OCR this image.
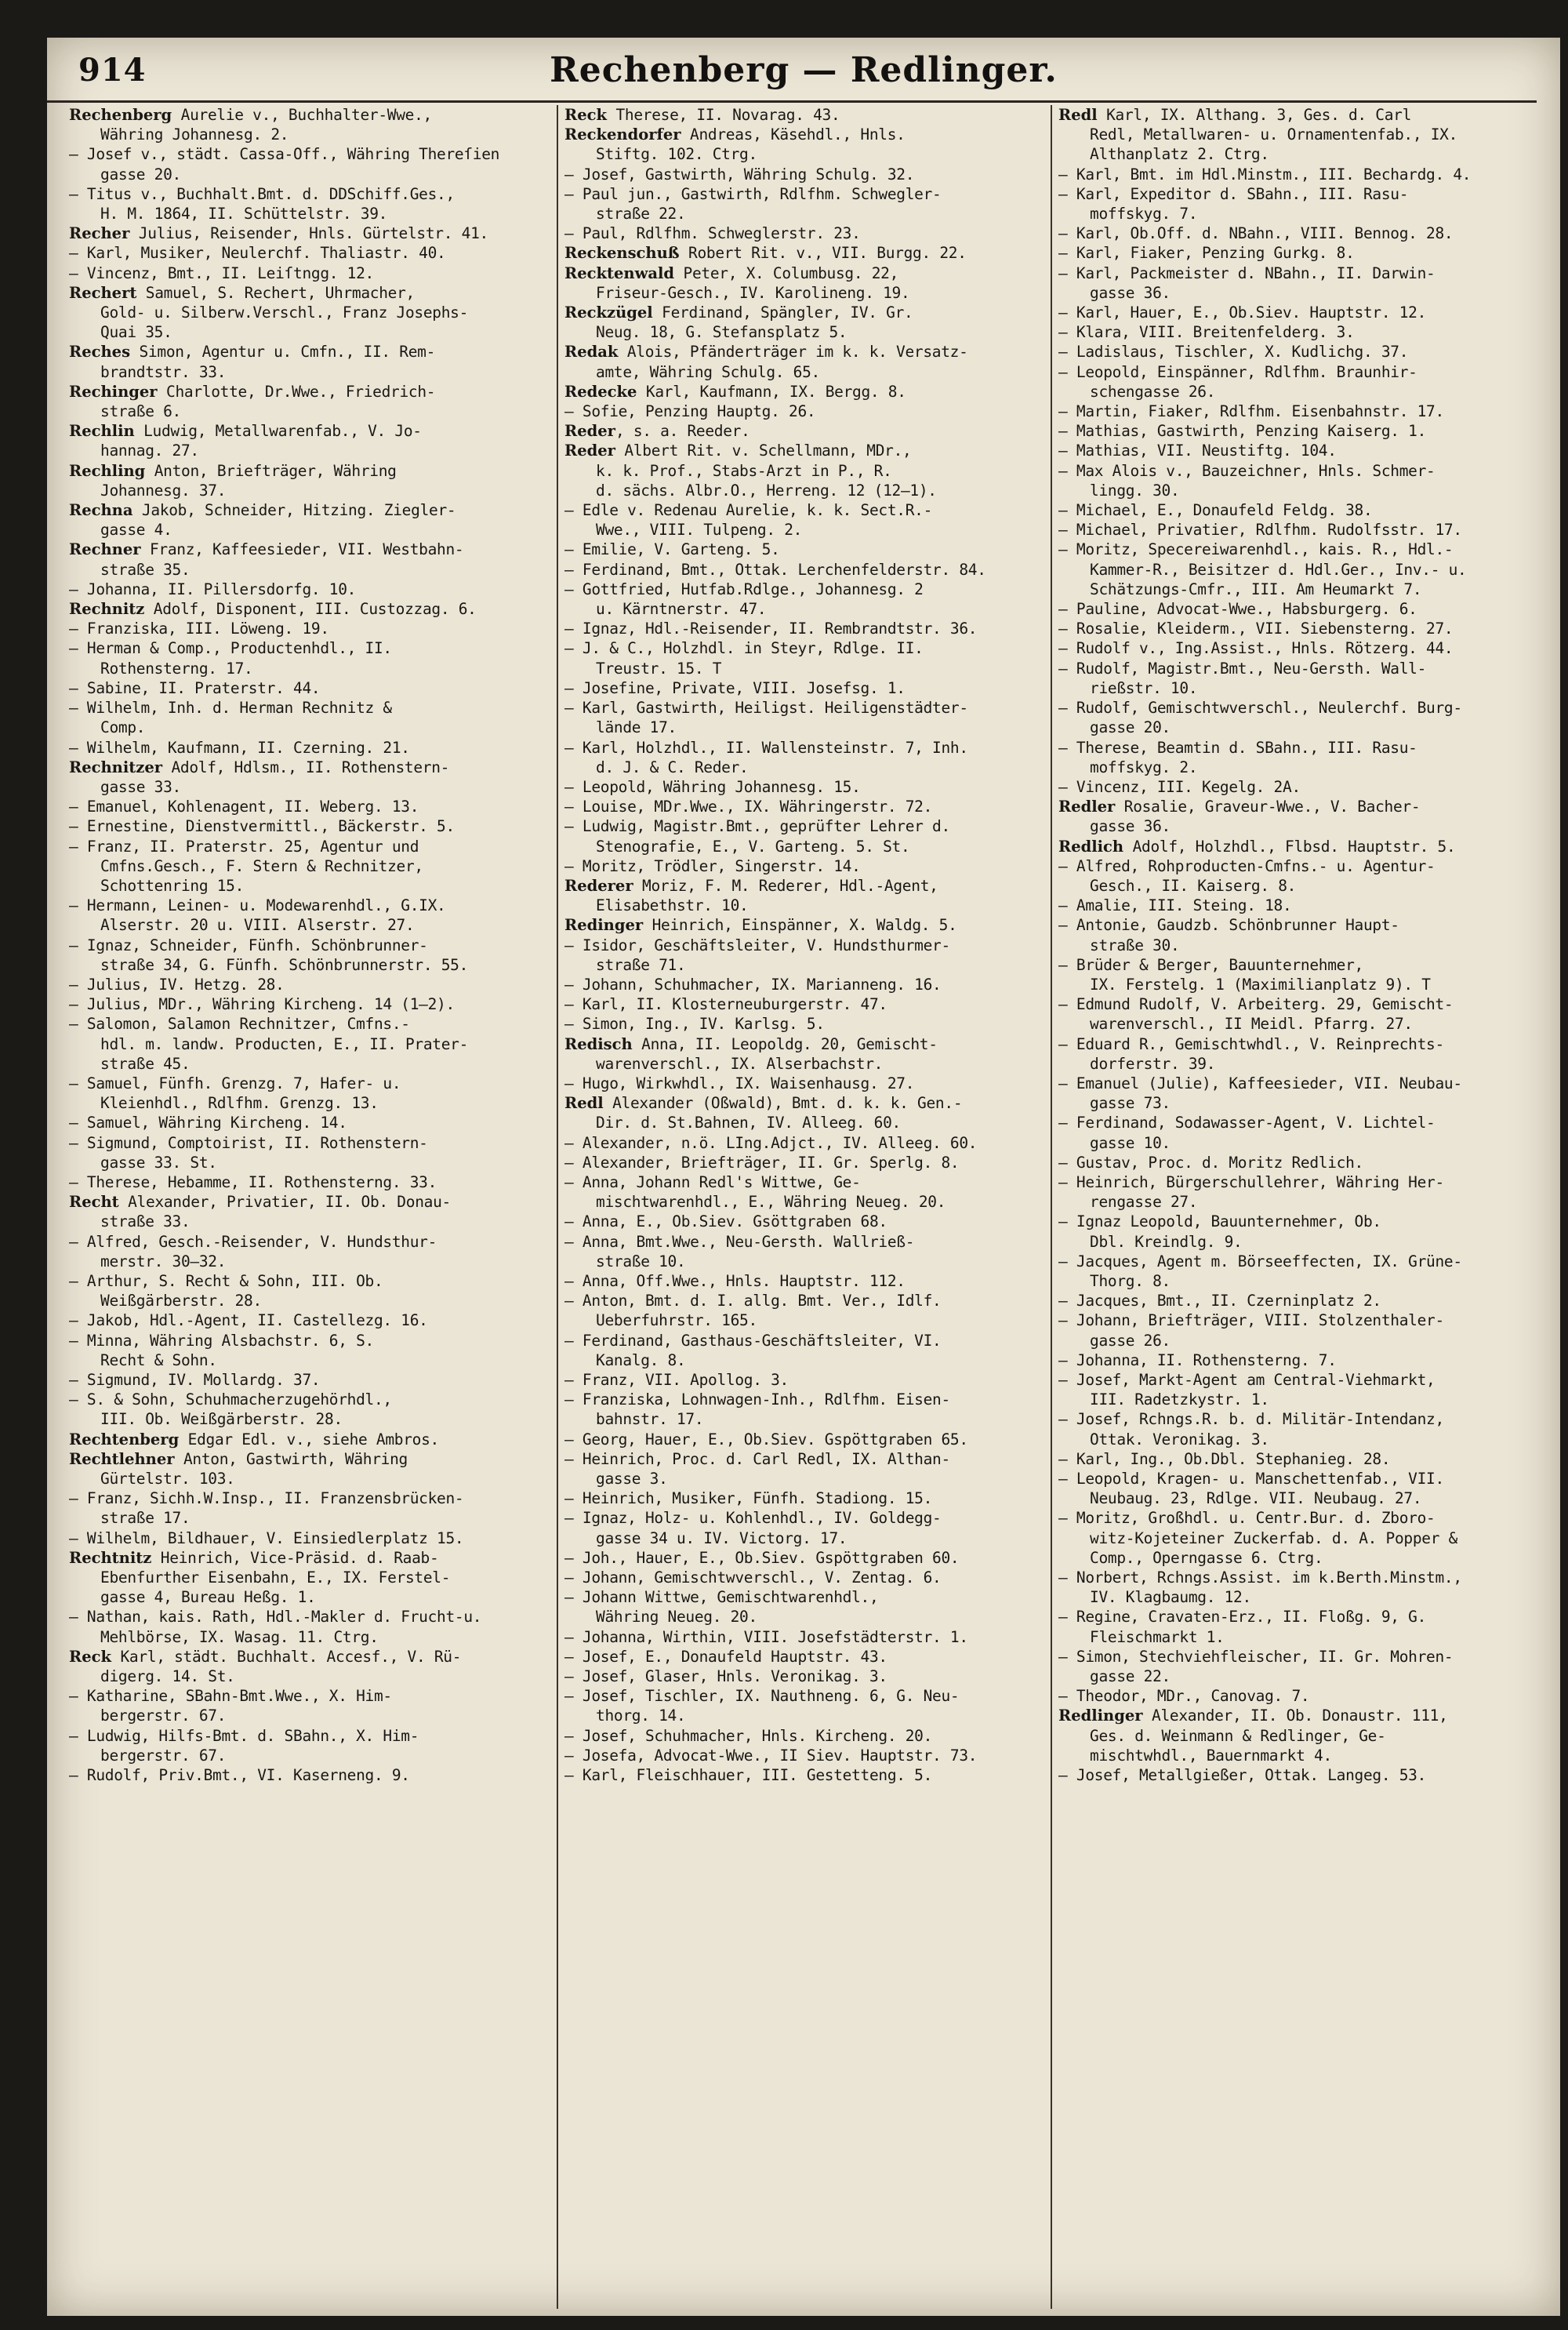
914	Rechenberg — Redlinger.
Rechenberg Aurelie v., Buchhalter-Wwe.,
Währing Johannesg. 2.
— Josef v., städt. Cassa-Off., Währing Thereſien
gasse 20.
— Titus v., Buchhalt.Bmt. d. DDSchiff.Ges.,
H. M. 1864, II. Schüttelstr. 39.
Recher Julius, Reisender, Hnls. Gürtelstr. 41.
— Karl, Musiker, Neulerchf. Thaliastr. 40.
— Vincenz, Bmt., II. Leiſtngg. 12.
Rechert Samuel, S. Rechert, Uhrmacher,
Gold- u. Silberw.Verschl., Franz Josephs-
Quai 35.
Reches Simon, Agentur u. Cmfn., II. Rem-
brandtstr. 33.
Rechinger Charlotte, Dr.Wwe., Friedrich-
straße 6.
Rechlin Ludwig, Metallwarenfab., V. Jo-
hannag. 27.
Rechling Anton, Briefträger, Währing
Johannesg. 37.
Rechna Jakob, Schneider, Hitzing. Ziegler-
gasse 4.
Rechner Franz, Kaffeesieder, VII. Westbahn-
straße 35.
— Johanna, II. Pillersdorfg. 10.
Rechnitz Adolf, Disponent, III. Custozzag. 6.
— Franziska, III. Löweng. 19.
— Herman & Comp., Productenhdl., II.
Rothensterng. 17.
— Sabine, II. Praterstr. 44.
— Wilhelm, Inh. d. Herman Rechnitz &
Comp.
— Wilhelm, Kaufmann, II. Czerning. 21.
Rechnitzer Adolf, Hdlsm., II. Rothenstern-
gasse 33.
— Emanuel, Kohlenagent, II. Weberg. 13.
— Ernestine, Dienstvermittl., Bäckerstr. 5.
— Franz, II. Praterstr. 25, Agentur und
Cmfns.Gesch., F. Stern & Rechnitzer,
Schottenring 15.
— Hermann, Leinen- u. Modewarenhdl., G.IX.
Alserstr. 20 u. VIII. Alserstr. 27.
— Ignaz, Schneider, Fünfh. Schönbrunner-
straße 34, G. Fünfh. Schönbrunnerstr. 55.
— Julius, IV. Hetzg. 28.
— Julius, MDr., Währing Kircheng. 14 (1–2).
— Salomon, Salamon Rechnitzer, Cmfns.-
hdl. m. landw. Producten, E., II. Prater-
straße 45.
— Samuel, Fünfh. Grenzg. 7, Hafer- u.
Kleienhdl., Rdlfhm. Grenzg. 13.
— Samuel, Währing Kircheng. 14.
— Sigmund, Comptoirist, II. Rothenstern-
gasse 33. St.
— Therese, Hebamme, II. Rothensterng. 33.
Recht Alexander, Privatier, II. Ob. Donau-
straße 33.
— Alfred, Gesch.-Reisender, V. Hundsthur-
merstr. 30–32.
— Arthur, S. Recht & Sohn, III. Ob.
Weißgärberstr. 28.
— Jakob, Hdl.-Agent, II. Castellezg. 16.
— Minna, Währing Alsbachstr. 6, S.
Recht & Sohn.
— Sigmund, IV. Mollardg. 37.
— S. & Sohn, Schuhmacherzugehörhdl.,
III. Ob. Weißgärberstr. 28.
Rechtenberg Edgar Edl. v., siehe Ambros.
Rechtlehner Anton, Gastwirth, Währing
Gürtelstr. 103.
— Franz, Sichh.W.Insp., II. Franzensbrücken-
straße 17.
— Wilhelm, Bildhauer, V. Einsiedlerplatz 15.
Rechtnitz Heinrich, Vice-Präsid. d. Raab-
Ebenfurther Eisenbahn, E., IX. Ferstel-
gasse 4, Bureau Heßg. 1.
— Nathan, kais. Rath, Hdl.-Makler d. Frucht-u.
Mehlbörse, IX. Wasag. 11. Ctrg.
Reck Karl, städt. Buchhalt. Accesf., V. Rü-
digerg. 14. St.
— Katharine, SBahn-Bmt.Wwe., X. Him-
bergerstr. 67.
— Ludwig, Hilfs-Bmt. d. SBahn., X. Him-
bergerstr. 67.
— Rudolf, Priv.Bmt., VI. Kaserneng. 9.
Reck Therese, II. Novarag. 43.
Reckendorfer Andreas, Käsehdl., Hnls.
Stiftg. 102. Ctrg.
— Josef, Gastwirth, Währing Schulg. 32.
— Paul jun., Gastwirth, Rdlfhm. Schwegler-
straße 22.
— Paul, Rdlfhm. Schweglerstr. 23.
Reckenschuß Robert Rit. v., VII. Burgg. 22.
Recktenwald Peter, X. Columbusg. 22,
Friseur-Gesch., IV. Karolineng. 19.
Reckzügel Ferdinand, Spängler, IV. Gr.
Neug. 18, G. Stefansplatz 5.
Redak Alois, Pfänderträger im k. k. Versatz-
amte, Währing Schulg. 65.
Redecke Karl, Kaufmann, IX. Bergg. 8.
— Sofie, Penzing Hauptg. 26.
Reder, s. a. Reeder.
Reder Albert Rit. v. Schellmann, MDr.,
k. k. Prof., Stabs-Arzt in P., R.
d. sächs. Albr.O., Herreng. 12 (12–1).
— Edle v. Redenau Aurelie, k. k. Sect.R.-
Wwe., VIII. Tulpeng. 2.
— Emilie, V. Garteng. 5.
— Ferdinand, Bmt., Ottak. Lerchenfelderstr. 84.
— Gottfried, Hutfab.Rdlge., Johannesg. 2
u. Kärntnerstr. 47.
— Ignaz, Hdl.-Reisender, II. Rembrandtstr. 36.
— J. & C., Holzhdl. in Steyr, Rdlge. II.
Treustr. 15. T
— Josefine, Private, VIII. Josefsg. 1.
— Karl, Gastwirth, Heiligst. Heiligenstädter-
lände 17.
— Karl, Holzhdl., II. Wallensteinstr. 7, Inh.
d. J. & C. Reder.
— Leopold, Währing Johannesg. 15.
— Louise, MDr.Wwe., IX. Währingerstr. 72.
— Ludwig, Magistr.Bmt., geprüfter Lehrer d.
Stenografie, E., V. Garteng. 5. St.
— Moritz, Trödler, Singerstr. 14.
Rederer Moriz, F. M. Rederer, Hdl.-Agent,
Elisabethstr. 10.
Redinger Heinrich, Einspänner, X. Waldg. 5.
— Isidor, Geschäftsleiter, V. Hundsthurmer-
straße 71.
— Johann, Schuhmacher, IX. Marianneng. 16.
— Karl, II. Klosterneuburgerstr. 47.
— Simon, Ing., IV. Karlsg. 5.
Redisch Anna, II. Leopoldg. 20, Gemischt-
warenverschl., IX. Alserbachstr.
— Hugo, Wirkwhdl., IX. Waisenhausg. 27.
Redl Alexander (Oßwald), Bmt. d. k. k. Gen.-
Dir. d. St.Bahnen, IV. Alleeg. 60.
— Alexander, n.ö. LIng.Adjct., IV. Alleeg. 60.
— Alexander, Briefträger, II. Gr. Sperlg. 8.
— Anna, Johann Redl's Wittwe, Ge-
mischtwarenhdl., E., Währing Neueg. 20.
— Anna, E., Ob.Siev. Gsöttgraben 68.
— Anna, Bmt.Wwe., Neu-Gersth. Wallrieß-
straße 10.
— Anna, Off.Wwe., Hnls. Hauptstr. 112.
— Anton, Bmt. d. I. allg. Bmt. Ver., Idlf.
Ueberfuhrstr. 165.
— Ferdinand, Gasthaus-Geschäftsleiter, VI.
Kanalg. 8.
— Franz, VII. Apollog. 3.
— Franziska, Lohnwagen-Inh., Rdlfhm. Eisen-
bahnstr. 17.
— Georg, Hauer, E., Ob.Siev. Gspöttgraben 65.
— Heinrich, Proc. d. Carl Redl, IX. Althan-
gasse 3.
— Heinrich, Musiker, Fünfh. Stadiong. 15.
— Ignaz, Holz- u. Kohlenhdl., IV. Goldegg-
gasse 34 u. IV. Victorg. 17.
— Joh., Hauer, E., Ob.Siev. Gspöttgraben 60.
— Johann, Gemischtwverschl., V. Zentag. 6.
— Johann Wittwe, Gemischtwarenhdl.,
Währing Neueg. 20.
— Johanna, Wirthin, VIII. Josefstädterstr. 1.
— Josef, E., Donaufeld Hauptstr. 43.
— Josef, Glaser, Hnls. Veronikag. 3.
— Josef, Tischler, IX. Nauthneng. 6, G. Neu-
thorg. 14.
— Josef, Schuhmacher, Hnls. Kircheng. 20.
— Josefa, Advocat-Wwe., II Siev. Hauptstr. 73.
— Karl, Fleischhauer, III. Gestetteng. 5.
Redl Karl, IX. Althang. 3, Ges. d. Carl
Redl, Metallwaren- u. Ornamentenfab., IX.
Althanplatz 2. Ctrg.
— Karl, Bmt. im Hdl.Minstm., III. Bechardg. 4.
— Karl, Expeditor d. SBahn., III. Rasu-
moffskyg. 7.
— Karl, Ob.Off. d. NBahn., VIII. Bennog. 28.
— Karl, Fiaker, Penzing Gurkg. 8.
— Karl, Packmeister d. NBahn., II. Darwin-
gasse 36.
— Karl, Hauer, E., Ob.Siev. Hauptstr. 12.
— Klara, VIII. Breitenfelderg. 3.
— Ladislaus, Tischler, X. Kudlichg. 37.
— Leopold, Einspänner, Rdlfhm. Braunhir-
schengasse 26.
— Martin, Fiaker, Rdlfhm. Eisenbahnstr. 17.
— Mathias, Gastwirth, Penzing Kaiserg. 1.
— Mathias, VII. Neustiftg. 104.
— Max Alois v., Bauzeichner, Hnls. Schmer-
lingg. 30.
— Michael, E., Donaufeld Feldg. 38.
— Michael, Privatier, Rdlfhm. Rudolfsstr. 17.
— Moritz, Specereiwarenhdl., kais. R., Hdl.-
Kammer-R., Beisitzer d. Hdl.Ger., Inv.- u.
Schätzungs-Cmfr., III. Am Heumarkt 7.
— Pauline, Advocat-Wwe., Habsburgerg. 6.
— Rosalie, Kleiderm., VII. Siebensterng. 27.
— Rudolf v., Ing.Assist., Hnls. Rötzerg. 44.
— Rudolf, Magistr.Bmt., Neu-Gersth. Wall-
rießstr. 10.
— Rudolf, Gemischtwverschl., Neulerchf. Burg-
gasse 20.
— Therese, Beamtin d. SBahn., III. Rasu-
moffskyg. 2.
— Vincenz, III. Kegelg. 2A.
Redler Rosalie, Graveur-Wwe., V. Bacher-
gasse 36.
Redlich Adolf, Holzhdl., Flbsd. Hauptstr. 5.
— Alfred, Rohproducten-Cmfns.- u. Agentur-
Gesch., II. Kaiserg. 8.
— Amalie, III. Steing. 18.
— Antonie, Gaudzb. Schönbrunner Haupt-
straße 30.
— Brüder & Berger, Bauunternehmer,
IX. Ferstelg. 1 (Maximilianplatz 9). T
— Edmund Rudolf, V. Arbeiterg. 29, Gemischt-
warenverschl., II Meidl. Pfarrg. 27.
— Eduard R., Gemischtwhdl., V. Reinprechts-
dorferstr. 39.
— Emanuel (Julie), Kaffeesieder, VII. Neubau-
gasse 73.
— Ferdinand, Sodawasser-Agent, V. Lichtel-
gasse 10.
— Gustav, Proc. d. Moritz Redlich.
— Heinrich, Bürgerschullehrer, Währing Her-
rengasse 27.
— Ignaz Leopold, Bauunternehmer, Ob.
Dbl. Kreindlg. 9.
— Jacques, Agent m. Börseeffecten, IX. Grüne-
Thorg. 8.
— Jacques, Bmt., II. Czerninplatz 2.
— Johann, Briefträger, VIII. Stolzenthaler-
gasse 26.
— Johanna, II. Rothensterng. 7.
— Josef, Markt-Agent am Central-Viehmarkt,
III. Radetzkystr. 1.
— Josef, Rchngs.R. b. d. Militär-Intendanz,
Ottak. Veronikag. 3.
— Karl, Ing., Ob.Dbl. Stephanieg. 28.
— Leopold, Kragen- u. Manschettenfab., VII.
Neubaug. 23, Rdlge. VII. Neubaug. 27.
— Moritz, Großhdl. u. Centr.Bur. d. Zboro-
witz-Kojeteiner Zuckerfab. d. A. Popper &
Comp., Operngasse 6. Ctrg.
— Norbert, Rchngs.Assist. im k.Berth.Minstm.,
IV. Klagbaumg. 12.
— Regine, Cravaten-Erz., II. Floßg. 9, G.
Fleischmarkt 1.
— Simon, Stechviehfleischer, II. Gr. Mohren-
gasse 22.
— Theodor, MDr., Canovag. 7.
Redlinger Alexander, II. Ob. Donaustr. 111,
Ges. d. Weinmann & Redlinger, Ge-
mischtwhdl., Bauernmarkt 4.
— Josef, Metallgießer, Ottak. Langeg. 53.
